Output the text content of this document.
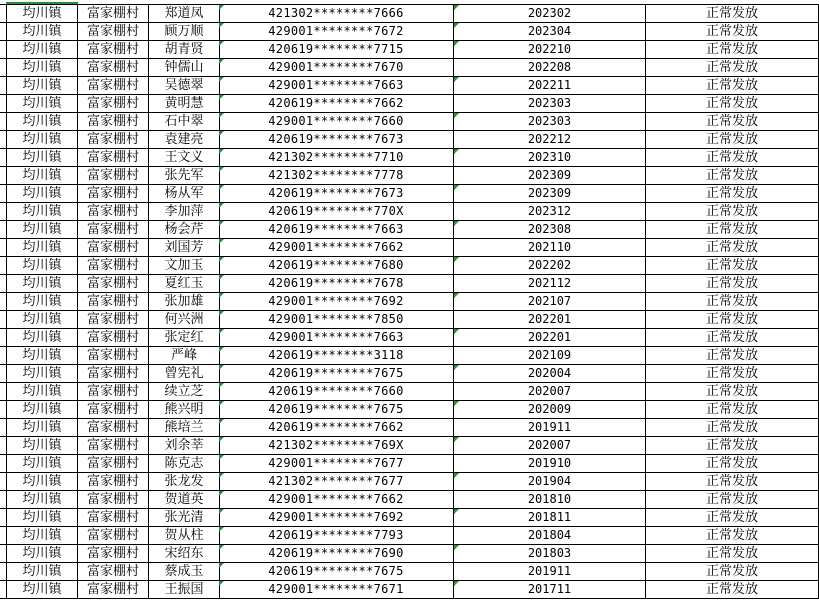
均川镇	富家棚村	郑道凤	421302********7666	202302	正常发放
均川镇	富家棚村	顾万顺	429001********7672	202304	正常发放
均川镇	富家棚村	胡青贤	420619********7715	202210	正常发放
均川镇	富家棚村	钟儒山	429001********7670	202208	正常发放
均川镇	富家棚村	吴德翠	429001********7663	202211	正常发放
均川镇	富家棚村	黄明慧	420619********7662	202303	正常发放
均川镇	富家棚村	石中翠	429001********7660	202303	正常发放
均川镇	富家棚村	袁建亮	420619********7673	202212	正常发放
均川镇	富家棚村	王文义	421302********7710	202310	正常发放
均川镇	富家棚村	张先军	421302********7778	202309	正常发放
均川镇	富家棚村	杨从军	420619********7673	202309	正常发放
均川镇	富家棚村	李加萍	420619********770X	202312	正常发放
均川镇	富家棚村	杨会芹	420619********7663	202308	正常发放
均川镇	富家棚村	刘国芳	429001********7662	202110	正常发放
均川镇	富家棚村	文加玉	420619********7680	202202	正常发放
均川镇	富家棚村	夏红玉	420619********7678	202112	正常发放
均川镇	富家棚村	张加雄	429001********7692	202107	正常发放
均川镇	富家棚村	何兴洲	429001********7850	202201	正常发放
均川镇	富家棚村	张定红	429001********7663	202201	正常发放
均川镇	富家棚村	严峰	420619********3118	202109	正常发放
均川镇	富家棚村	曾宪礼	420619********7675	202004	正常发放
均川镇	富家棚村	续立芝	420619********7660	202007	正常发放
均川镇	富家棚村	熊兴明	420619********7675	202009	正常发放
均川镇	富家棚村	熊培兰	420619********7662	201911	正常发放
均川镇	富家棚村	刘余莘	421302********769X	202007	正常发放
均川镇	富家棚村	陈克志	429001********7677	201910	正常发放
均川镇	富家棚村	张龙发	421302********7677	201904	正常发放
均川镇	富家棚村	贺道英	429001********7662	201810	正常发放
均川镇	富家棚村	张光清	429001********7692	201811	正常发放
均川镇	富家棚村	贺从柱	420619********7793	201804	正常发放
均川镇	富家棚村	宋绍东	420619********7690	201803	正常发放
均川镇	富家棚村	蔡成玉	420619********7675	201911	正常发放
均川镇	富家棚村	王振国	429001********7671	201711	正常发放
